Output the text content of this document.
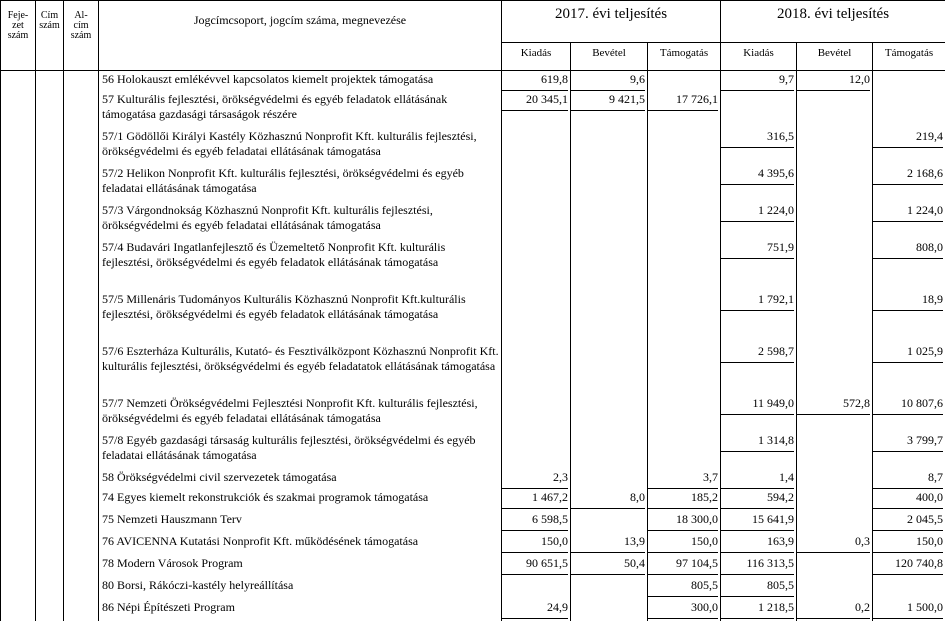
Feje-
zet
szám	Cím
szám	Al-
cím
szám	Jogcímcsoport, jogcím száma, megnevezése	2017. évi teljesítés			2018. évi teljesítés		
				Kiadás	Bevétel	Támogatás	Kiadás	Bevétel	Támogatás

			56 Holokauszt emlékévvel kapcsolatos kiemelt projektek támogatása	619,8	9,6		9,7	12,0	

			57 Kulturális fejlesztési, örökségvédelmi és egyéb feladatok ellátásának támogatása gazdasági társaságok részére	20 345,1	9 421,5	17 726,1			

			57/1 Gödöllői Királyi Kastély Közhasznú Nonprofit Kft. kulturális fejlesztési, örökségvédelmi és egyéb feladatai ellátásának támogatása				316,5		219,4

			57/2 Helikon Nonprofit Kft. kulturális fejlesztési, örökségvédelmi és egyéb feladatai ellátásának támogatása				4 395,6		2 168,6

			57/3 Várgondnokság Közhasznú Nonprofit Kft. kulturális fejlesztési, örökségvédelmi és egyéb feladatai ellátásának támogatása				1 224,0		1 224,0

			57/4 Budavári Ingatlanfejlesztő és Üzemeltető Nonprofit Kft. kulturális fejlesztési, örökségvédelmi és egyéb feladatok ellátásának támogatása				751,9		808,0

			57/5 Millenáris Tudományos Kulturális Közhasznú Nonprofit Kft.kulturális fejlesztési, örökségvédelmi és egyéb feladatok ellátásának támogatása				1 792,1		18,9

			57/6 Eszterháza Kulturális, Kutató- és Fesztiválközpont Közhasznú Nonprofit Kft. kulturális fejlesztési, örökségvédelmi és egyéb feladatatok ellátásának támogatása				2 598,7		1 025,9

			57/7 Nemzeti Örökségvédelmi Fejlesztési Nonprofit Kft. kulturális fejlesztési, örökségvédelmi és egyéb feladatai ellátásának támogatása				11 949,0	572,8	10 807,6

			57/8 Egyéb gazdasági társaság kulturális fejlesztési, örökségvédelmi és egyéb feladatai ellátásának támogatása				1 314,8		3 799,7

			58 Örökségvédelmi civil szervezetek támogatása	2,3		3,7	1,4		8,7

			74 Egyes kiemelt rekonstrukciók és szakmai programok támogatása	1 467,2	8,0	185,2	594,2		400,0

			75 Nemzeti Hauszmann Terv	6 598,5		18 300,0	15 641,9		2 045,5

			76 AVICENNA Kutatási Nonprofit Kft. működésének támogatása	150,0	13,9	150,0	163,9	0,3	150,0

			78 Modern Városok Program	90 651,5	50,4	97 104,5	116 313,5		120 740,8

			80 Borsi, Rákóczi-kastély helyreállítása			805,5	805,5		

			86 Népi Építészeti Program	24,9		300,0	1 218,5	0,2	1 500,0
